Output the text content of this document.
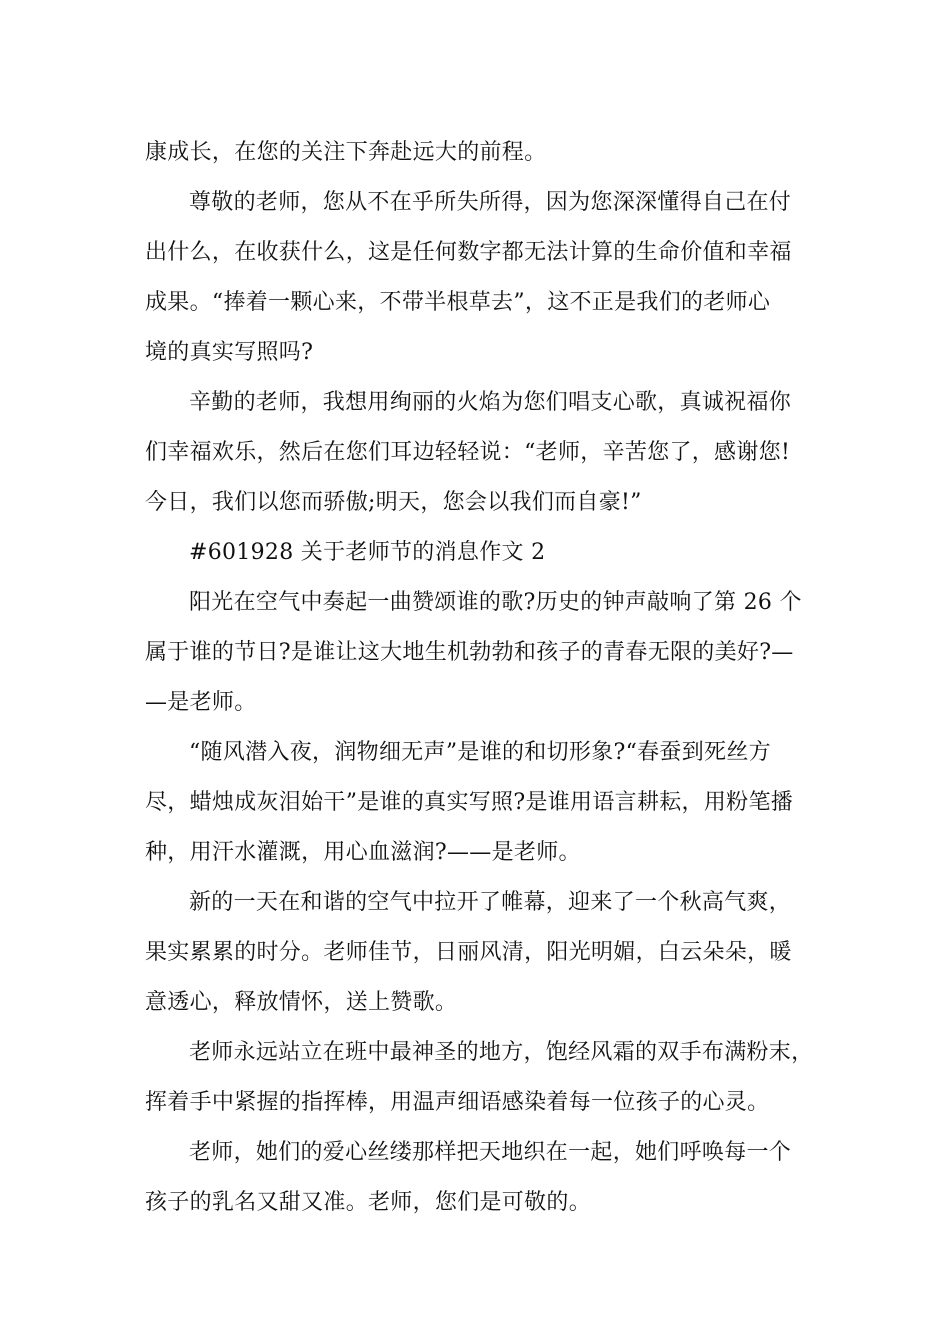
康成长，在您的关注下奔赴远大的前程。
尊敬的老师，您从不在乎所失所得，因为您深深懂得自己在付
出什么，在收获什么，这是任何数字都无法计算的生命价值和幸福
成果。“捧着一颗心来，不带半根草去”，这不正是我们的老师心
境的真实写照吗?
辛勤的老师，我想用绚丽的火焰为您们唱支心歌，真诚祝福你
们幸福欢乐，然后在您们耳边轻轻说：“老师，辛苦您了，感谢您!
今日，我们以您而骄傲;明天，您会以我们而自豪!”
#601928 关于老师节的消息作文 2
阳光在空气中奏起一曲赞颂谁的歌?历史的钟声敲响了第 26 个
属于谁的节日?是谁让这大地生机勃勃和孩子的青春无限的美好?—
—是老师。
“随风潜入夜，润物细无声”是谁的和切形象?“春蚕到死丝方
尽，蜡烛成灰泪始干”是谁的真实写照?是谁用语言耕耘，用粉笔播
种，用汗水灌溉，用心血滋润?——是老师。
新的一天在和谐的空气中拉开了帷幕，迎来了一个秋高气爽，
果实累累的时分。老师佳节，日丽风清，阳光明媚，白云朵朵，暖
意透心，释放情怀，送上赞歌。
老师永远站立在班中最神圣的地方，饱经风霜的双手布满粉末，
挥着手中紧握的指挥棒，用温声细语感染着每一位孩子的心灵。
老师，她们的爱心丝缕那样把天地织在一起，她们呼唤每一个
孩子的乳名又甜又准。老师，您们是可敬的。
